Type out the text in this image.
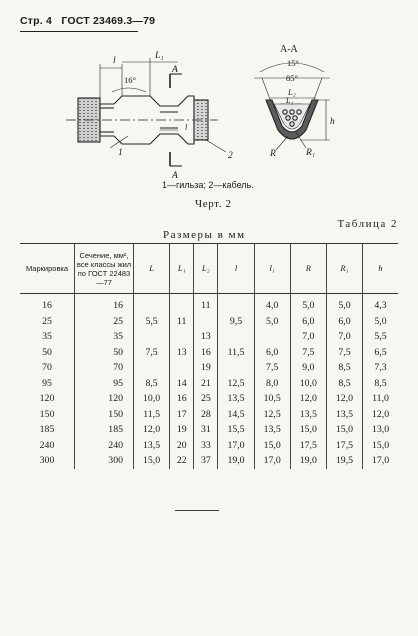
Стр. 4 ГОСТ 23469.3—79
l	L₁
16°
А
А
1	2
l
А-А
15°
85°
L₂
L₁
h
R	R₁
1—гильза; 2—кабель.
Черт. 2
Таблица 2
Размеры в мм
Маркировка	Сечение, мм², все классы жил по ГОСТ 22483—77	L	L₁	L₂	l	l₁	R	R₁	h
16	16			11		4,0	5,0	5,0	4,3
25	25	5,5	11		9,5	5,0	6,0	6,0	5,0
35	35			13			7,0	7,0	5,5
50	50	7,5	13	16	11,5	6,0	7,5	7,5	6,5
70	70			19		7,5	9,0	8,5	7,3
95	95	8,5	14	21	12,5	8,0	10,0	8,5	8,5
120	120	10,0	16	25	13,5	10,5	12,0	12,0	11,0
150	150	11,5	17	28	14,5	12,5	13,5	13,5	12,0
185	185	12,0	19	31	15,5	13,5	15,0	15,0	13,0
240	240	13,5	20	33	17,0	15,0	17,5	17,5	15,0
300	300	15,0	22	37	19,0	17,0	19,0	19,5	17,0
